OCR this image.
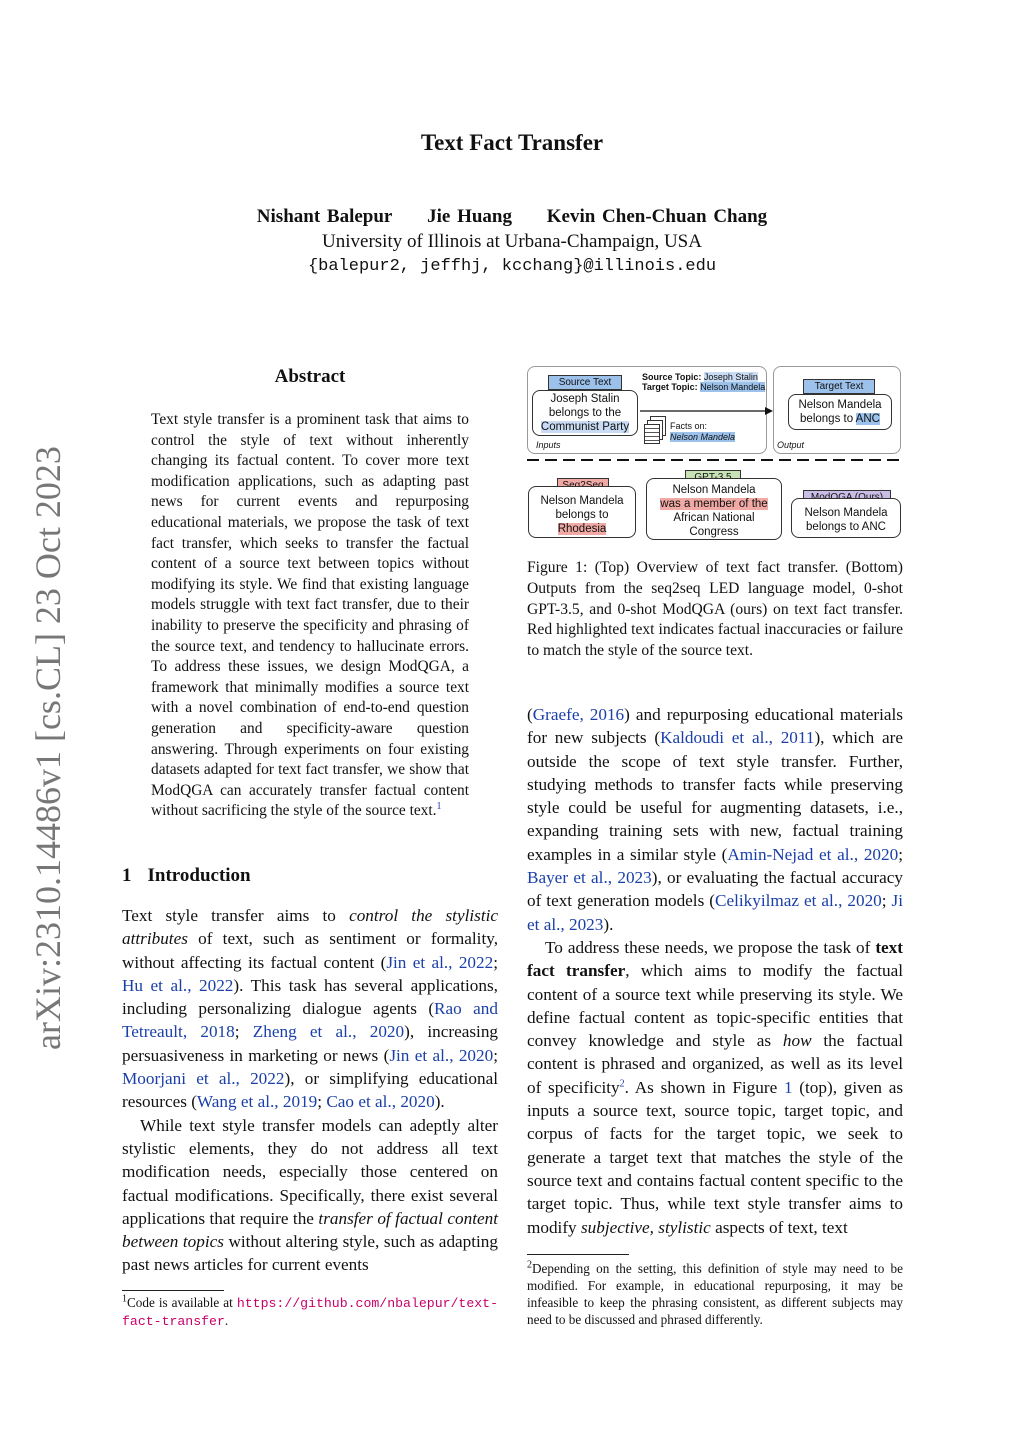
arXiv:2310.14486v1 [cs.CL] 23 Oct 2023
Text Fact Transfer
Nishant Balepur Jie Huang Kevin Chen-Chuan Chang
University of Illinois at Urbana-Champaign, USA
{balepur2, jeffhj, kcchang}@illinois.edu
Abstract
Text style transfer is a prominent task that aims to control the style of text without inherently changing its factual content. To cover more text modification applications, such as adapting past news for current events and repurposing educational materials, we propose the task of text fact transfer, which seeks to transfer the factual content of a source text between topics without modifying its style. We find that existing language models struggle with text fact transfer, due to their inability to preserve the specificity and phrasing of the source text, and tendency to hallucinate errors. To address these issues, we design ModQGA, a framework that minimally modifies a source text with a novel combination of end-to-end question generation and specificity-aware question answering. Through experiments on four existing datasets adapted for text fact transfer, we show that ModQGA can accurately transfer factual content without sacrificing the style of the source text.$^1$
1 Introduction

Text style transfer aims to control the stylistic attributes of text, such as sentiment or formality, without affecting its factual content (Jin et al., 2022; Hu et al., 2022). This task has several applications, including personalizing dialogue agents (Rao and Tetreault, 2018; Zheng et al., 2020), increasing persuasiveness in marketing or news (Jin et al., 2020; Moorjani et al., 2022), or simplifying educational resources (Wang et al., 2019; Cao et al., 2020).

While text style transfer models can adeptly alter stylistic elements, they do not address all text modification needs, especially those centered on factual modifications. Specifically, there exist several applications that require the transfer of factual content between topics without altering style, such as adapting past news articles for current events

$^1$Code is available at https://github.com/nbalepur/text-fact-transfer.
Source Text
Joseph Stalin
belongs to the
Communist Party
Source Topic: Joseph Stalin
Target Topic: Nelson Mandela
Facts on:
Nelson Mandela
Inputs
Target Text
Nelson Mandela
belongs to ANC
Output
Nelson Mandela
belongs to
Rhodesia
Nelson Mandela
was a member of the
African National
Congress
Nelson Mandela
belongs to ANC
Figure 1: (Top) Overview of text fact transfer. (Bottom) Outputs from the seq2seq LED language model, 0-shot GPT-3.5, and 0-shot ModQGA (ours) on text fact transfer. Red highlighted text indicates factual inaccuracies or failure to match the style of the source text.

(Graefe, 2016) and repurposing educational materials for new subjects (Kaldoudi et al., 2011), which are outside the scope of text style transfer. Further, studying methods to transfer facts while preserving style could be useful for augmenting datasets, i.e., expanding training sets with new, factual training examples in a similar style (Amin-Nejad et al., 2020; Bayer et al., 2023), or evaluating the factual accuracy of text generation models (Celikyilmaz et al., 2020; Ji et al., 2023).

To address these needs, we propose the task of text fact transfer, which aims to modify the factual content of a source text while preserving its style. We define factual content as topic-specific entities that convey knowledge and style as how the factual content is phrased and organized, as well as its level of specificity$^2$. As shown in Figure 1 (top), given as inputs a source text, source topic, target topic, and corpus of facts for the target topic, we seek to generate a target text that matches the style of the source text and contains factual content specific to the target topic. Thus, while text style transfer aims to modify subjective, stylistic aspects of text, text

$^2$Depending on the setting, this definition of style may need to be modified. For example, in educational repurposing, it may be infeasible to keep the phrasing consistent, as different subjects may need to be discussed and phrased differently.
